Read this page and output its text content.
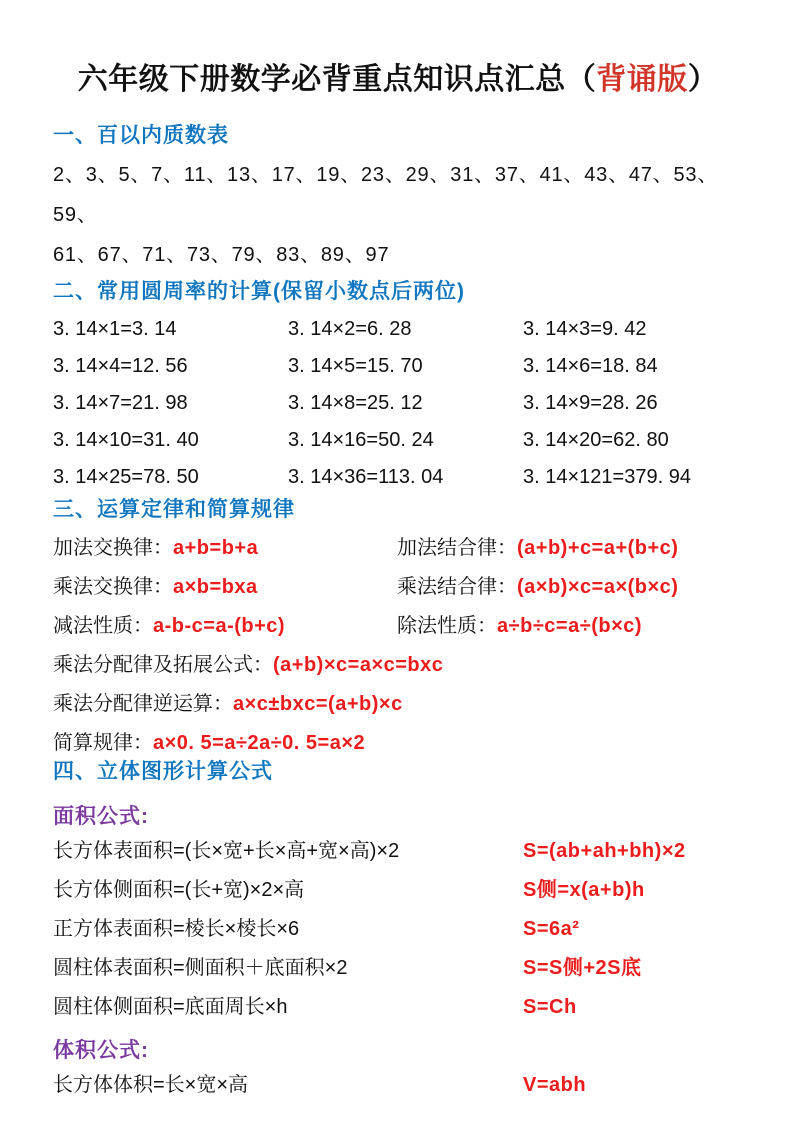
六年级下册数学必背重点知识点汇总（背诵版）
一、百以内质数表
2、3、5、7、11、13、17、19、23、29、31、37、41、43、47、53、59、
61、67、71、73、79、83、89、97
二、常用圆周率的计算(保留小数点后两位)
3. 14×1=3. 14	3. 14×2=6. 28	3. 14×3=9. 42
3. 14×4=12. 56	3. 14×5=15. 70	3. 14×6=18. 84
3. 14×7=21. 98	3. 14×8=25. 12	3. 14×9=28. 26
3. 14×10=31. 40	3. 14×16=50. 24	3. 14×20=62. 80
3. 14×25=78. 50	3. 14×36=113. 04	3. 14×121=379. 94
三、运算定律和简算规律
加法交换律：a+b=b+a	加法结合律：(a+b)+c=a+(b+c)
乘法交换律：a×b=bxa	乘法结合律：(a×b)×c=a×(b×c)
减法性质：a-b-c=a-(b+c)	除法性质：a÷b÷c=a÷(b×c)
乘法分配律及拓展公式：(a+b)×c=a×c=bxc
乘法分配律逆运算：a×c±bxc=(a+b)×c
简算规律：a×0. 5=a÷2a÷0. 5=a×2
四、立体图形计算公式
面积公式:
长方体表面积=(长×宽+长×高+宽×高)×2	S=(ab+ah+bh)×2
长方体侧面积=(长+宽)×2×高	S侧=x(a+b)h
正方体表面积=棱长×棱长×6	S=6a²
圆柱体表面积=侧面积＋底面积×2	S=S侧+2S底
圆柱体侧面积=底面周长×h	S=Ch
体积公式:
长方体体积=长×宽×高	V=abh
